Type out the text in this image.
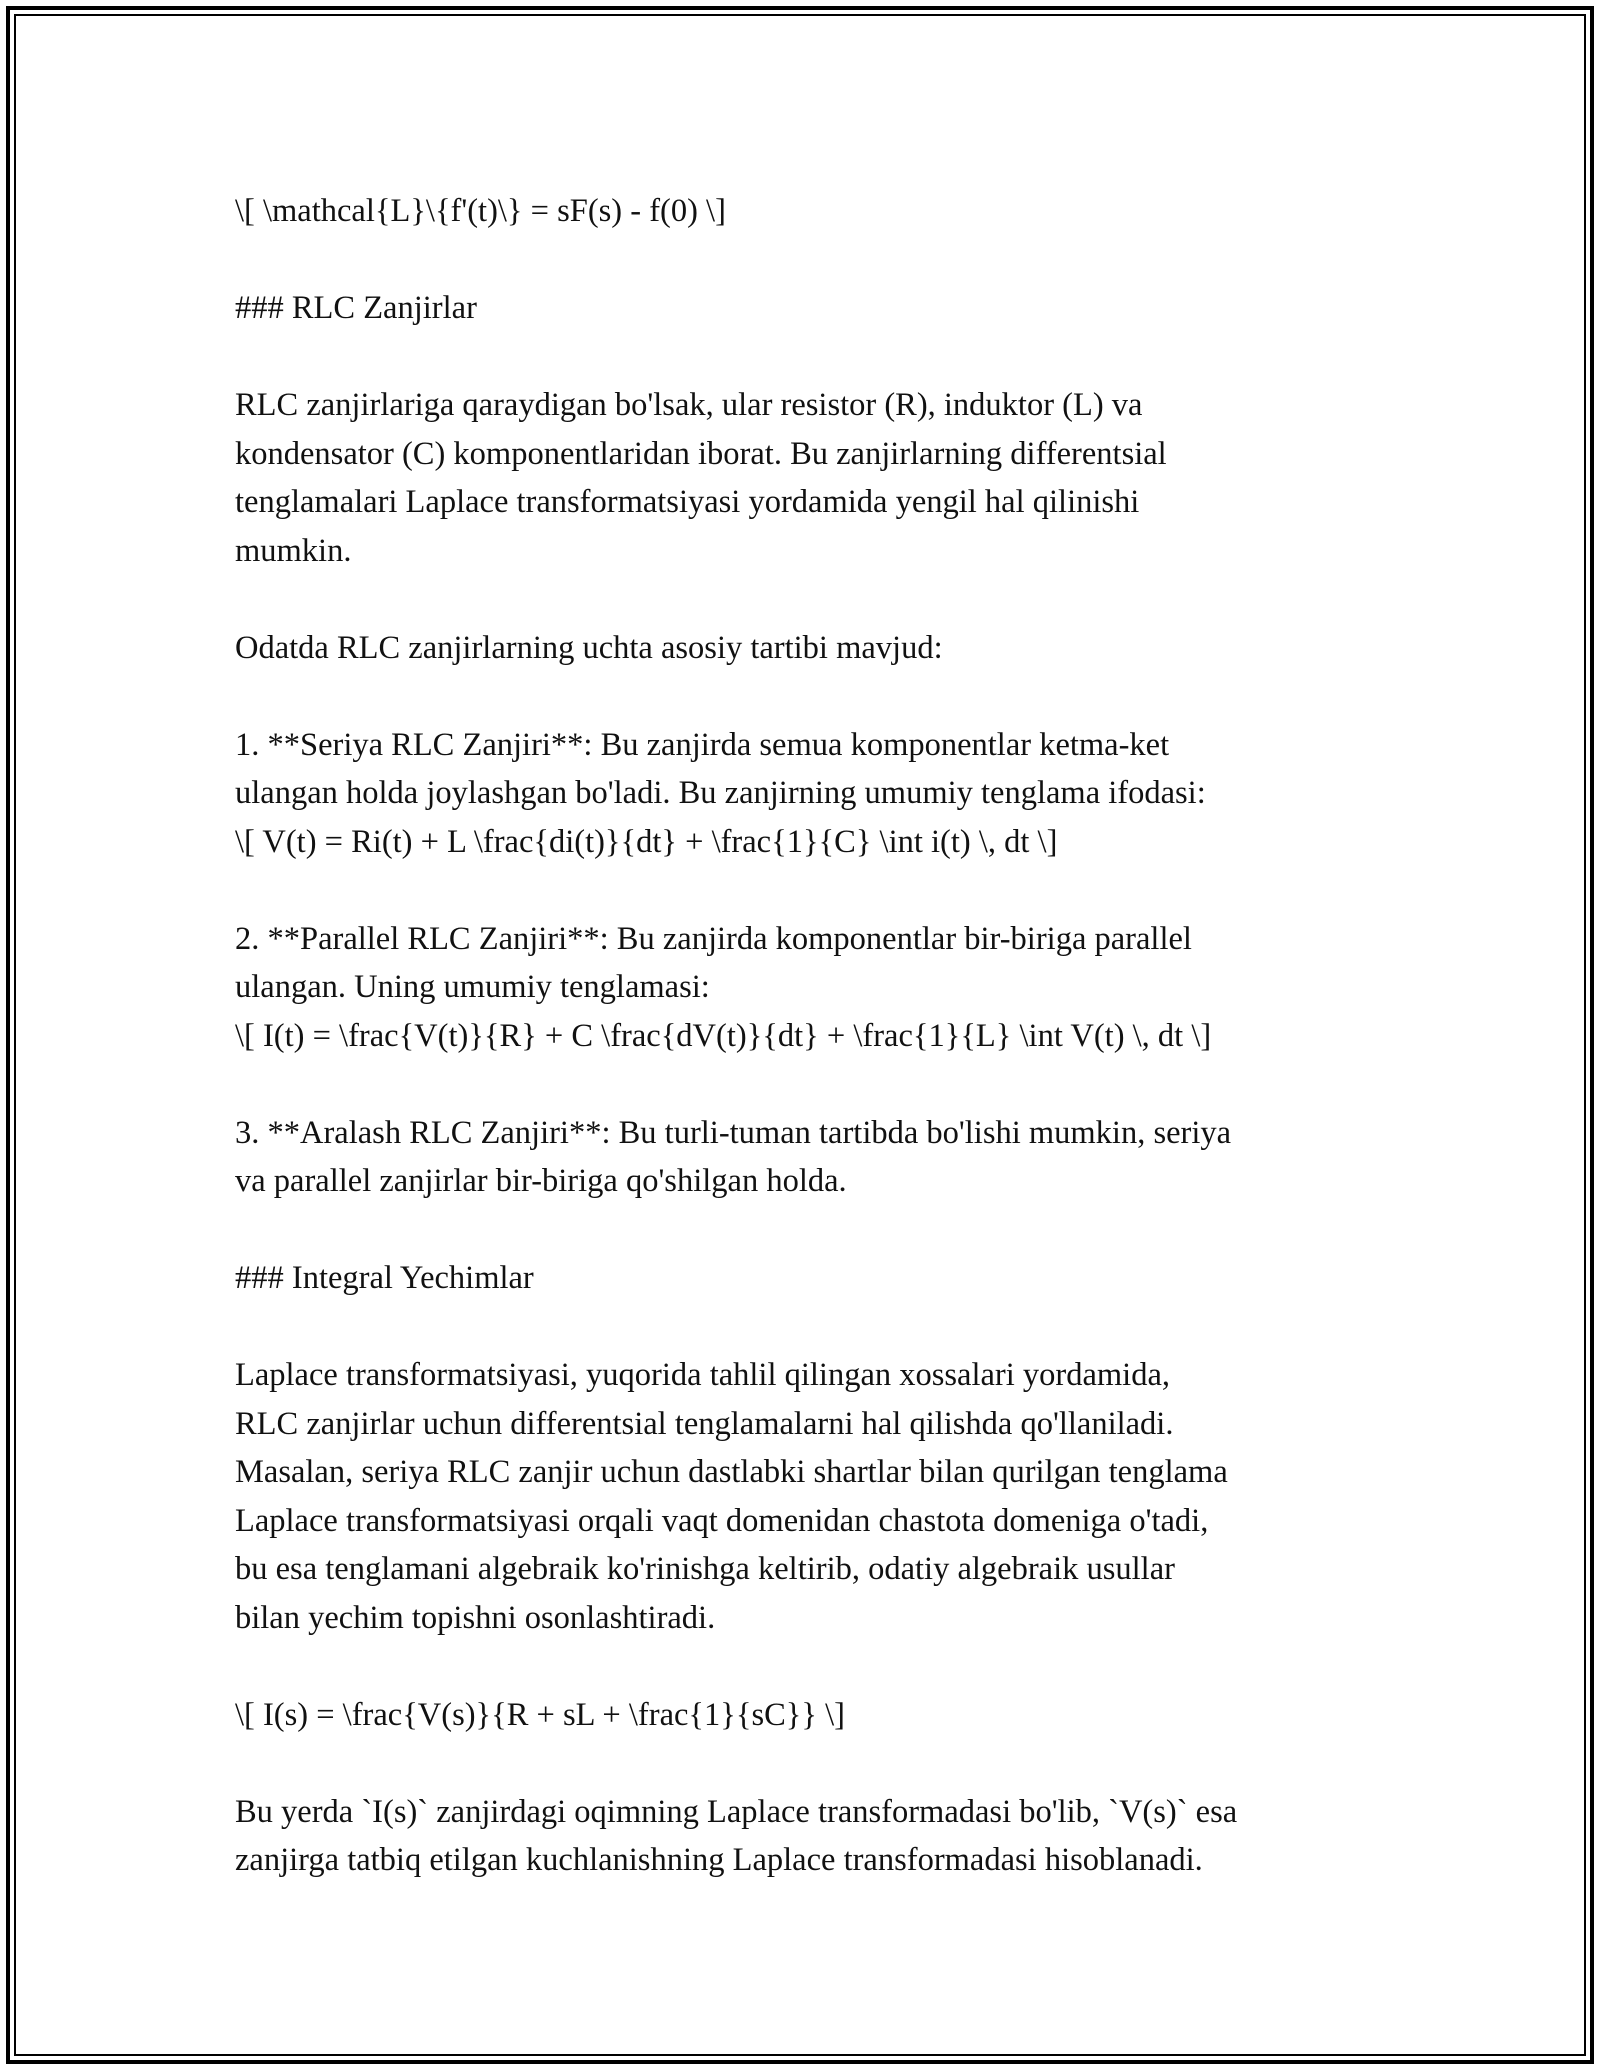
\[ \mathcal{L}\{f'(t)\} = sF(s) - f(0) \]

### RLC Zanjirlar

RLC zanjirlariga qaraydigan bo'lsak, ular resistor (R), induktor (L) va
kondensator (C) komponentlaridan iborat. Bu zanjirlarning differentsial
tenglamalari Laplace transformatsiyasi yordamida yengil hal qilinishi
mumkin.

Odatda RLC zanjirlarning uchta asosiy tartibi mavjud:

1. **Seriya RLC Zanjiri**: Bu zanjirda semua komponentlar ketma-ket
ulangan holda joylashgan bo'ladi. Bu zanjirning umumiy tenglama ifodasi:
\[ V(t) = Ri(t) + L \frac{di(t)}{dt} + \frac{1}{C} \int i(t) \, dt \]

2. **Parallel RLC Zanjiri**: Bu zanjirda komponentlar bir-biriga parallel
ulangan. Uning umumiy tenglamasi:
\[ I(t) = \frac{V(t)}{R} + C \frac{dV(t)}{dt} + \frac{1}{L} \int V(t) \, dt \]

3. **Aralash RLC Zanjiri**: Bu turli-tuman tartibda bo'lishi mumkin, seriya
va parallel zanjirlar bir-biriga qo'shilgan holda.

### Integral Yechimlar

Laplace transformatsiyasi, yuqorida tahlil qilingan xossalari yordamida,
RLC zanjirlar uchun differentsial tenglamalarni hal qilishda qo'llaniladi.
Masalan, seriya RLC zanjir uchun dastlabki shartlar bilan qurilgan tenglama
Laplace transformatsiyasi orqali vaqt domenidan chastota domeniga o'tadi,
bu esa tenglamani algebraik ko'rinishga keltirib, odatiy algebraik usullar
bilan yechim topishni osonlashtiradi.

\[ I(s) = \frac{V(s)}{R + sL + \frac{1}{sC}} \]

Bu yerda `I(s)` zanjirdagi oqimning Laplace transformadasi bo'lib, `V(s)` esa
zanjirga tatbiq etilgan kuchlanishning Laplace transformadasi hisoblanadi.
